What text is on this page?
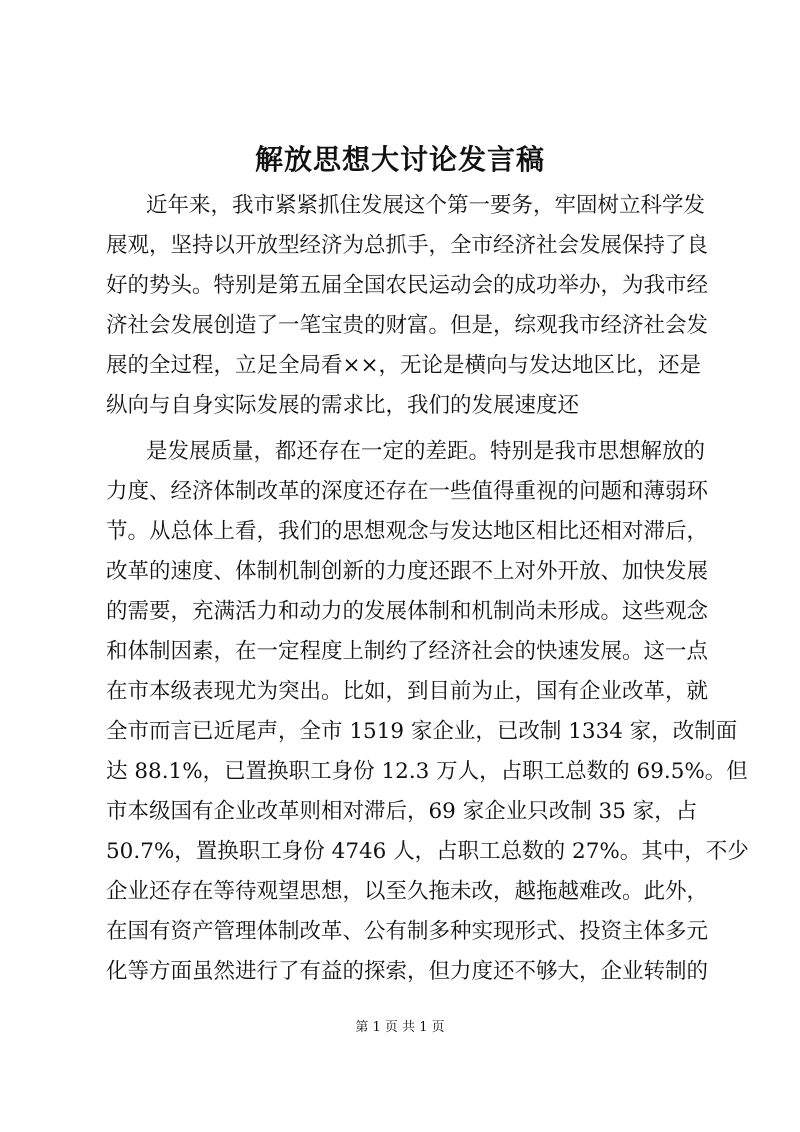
解放思想大讨论发言稿

近年来，我市紧紧抓住发展这个第一要务，牢固树立科学发

展观，坚持以开放型经济为总抓手，全市经济社会发展保持了良

好的势头。特别是第五届全国农民运动会的成功举办，为我市经

济社会发展创造了一笔宝贵的财富。但是，综观我市经济社会发

展的全过程，立足全局看××，无论是横向与发达地区比，还是

纵向与自身实际发展的需求比，我们的发展速度还

是发展质量，都还存在一定的差距。特别是我市思想解放的

力度、经济体制改革的深度还存在一些值得重视的问题和薄弱环

节。从总体上看，我们的思想观念与发达地区相比还相对滞后，

改革的速度、体制机制创新的力度还跟不上对外开放、加快发展

的需要，充满活力和动力的发展体制和机制尚未形成。这些观念

和体制因素，在一定程度上制约了经济社会的快速发展。这一点

在市本级表现尤为突出。比如，到目前为止，国有企业改革，就

全市而言已近尾声，全市 1519 家企业，已改制 1334 家，改制面

达 88.1%，已置换职工身份 12.3 万人，占职工总数的 69.5%。但

市本级国有企业改革则相对滞后，69 家企业只改制 35 家，占

50.7%，置换职工身份 4746 人，占职工总数的 27%。其中，不少

企业还存在等待观望思想，以至久拖未改，越拖越难改。此外，

在国有资产管理体制改革、公有制多种实现形式、投资主体多元

化等方面虽然进行了有益的探索，但力度还不够大，企业转制的

第 1 页 共 1 页
